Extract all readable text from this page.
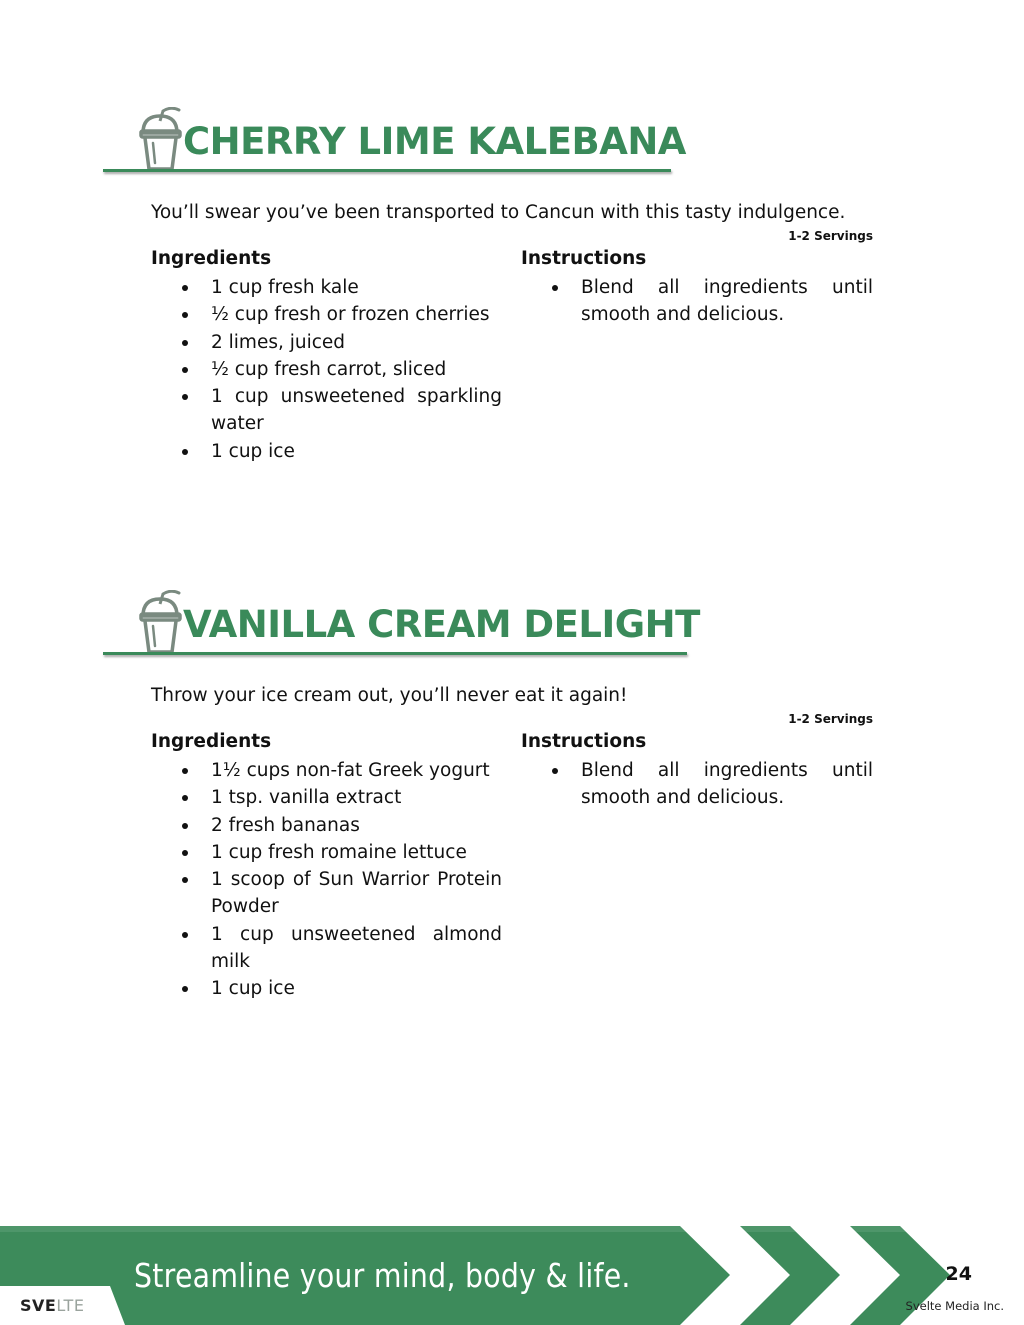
CHERRY LIME KALEBANA
You’ll swear you’ve been transported to Cancun with this tasty indulgence.
1-2 Servings
Ingredients	Instructions
1 cup fresh kale
½ cup fresh or frozen cherries
2 limes, juiced
½ cup fresh carrot, sliced
1 cup unsweetened sparkling water
1 cup ice
Blend all ingredients until smooth and delicious.
VANILLA CREAM DELIGHT
Throw your ice cream out, you’ll never eat it again!
1-2 Servings
Ingredients	Instructions
1½ cups non-fat Greek yogurt
1 tsp. vanilla extract
2 fresh bananas
1 cup fresh romaine lettuce
1 scoop of Sun Warrior Protein Powder
1 cup unsweetened almond milk
1 cup ice
Blend all ingredients until smooth and delicious.
Streamline your mind, body & life.	24
Svelte Media Inc.
SVELTE
